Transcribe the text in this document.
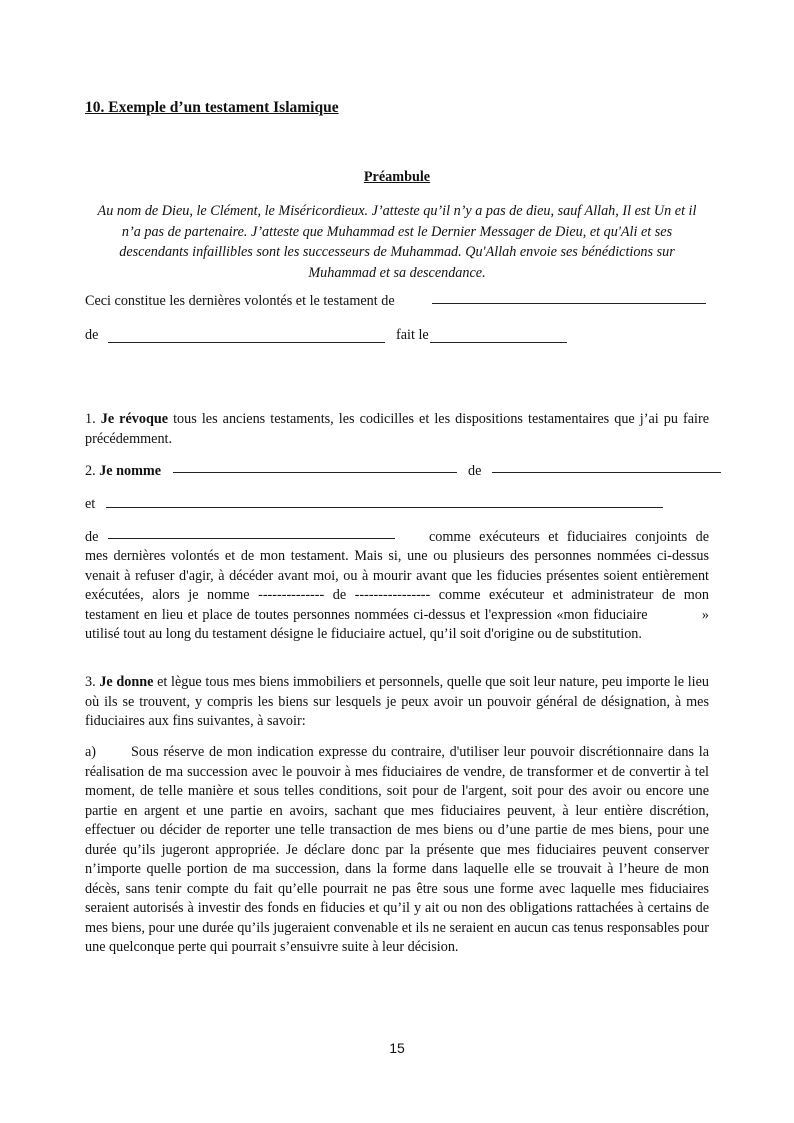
10. Exemple d’un testament Islamique
Préambule
Au nom de Dieu, le Clément, le Miséricordieux. J’atteste qu’il n’y a pas de dieu, sauf Allah, Il est Un et il
n’a pas de partenaire. J’atteste que Muhammad est le Dernier Messager de Dieu, et qu'Ali et ses
descendants infaillibles sont les successeurs de Muhammad. Qu'Allah envoie ses bénédictions sur
Muhammad et sa descendance.
Ceci constitue les dernières volontés et le testament de
de	fait le
1. Je révoque tous les anciens testaments, les codicilles et les dispositions testamentaires que j’ai pu faire précédemment.
2. Je nomme	de
et
de	comme exécuteurs et fiduciaires conjoints de
mes dernières volontés et de mon testament. Mais si, une ou plusieurs des personnes nommées ci-dessus
venait à refuser d'agir, à décéder avant moi, ou à mourir avant que les fiducies présentes soient entièrement
exécutées, alors je nomme -------------- de ---------------- comme exécuteur et administrateur de mon
testament en lieu et place de toutes personnes nommées ci-dessus et l'expression «mon fiduciaire            »
utilisé tout au long du testament désigne le fiduciaire actuel, qu’il soit d'origine ou de substitution.
3. Je donne et lègue tous mes biens immobiliers et personnels, quelle que soit leur nature, peu importe le lieu où ils se trouvent, y compris les biens sur lesquels je peux avoir un pouvoir général de désignation, à mes fiduciaires aux fins suivantes, à savoir:
a) Sous réserve de mon indication expresse du contraire, d'utiliser leur pouvoir discrétionnaire dans la réalisation de ma succession avec le pouvoir à mes fiduciaires de vendre, de transformer et de convertir à tel moment, de telle manière et sous telles conditions, soit pour de l'argent, soit pour des avoir ou encore une partie en argent et une partie en avoirs, sachant que mes fiduciaires peuvent, à leur entière discrétion, effectuer ou décider de reporter une telle transaction de mes biens ou d’une partie de mes biens, pour une durée qu’ils jugeront appropriée. Je déclare donc par la présente que mes fiduciaires peuvent conserver n’importe quelle portion de ma succession, dans la forme dans laquelle elle se trouvait à l’heure de mon décès, sans tenir compte du fait qu’elle pourrait ne pas être sous une forme avec laquelle mes fiduciaires seraient autorisés à investir des fonds en fiducies et qu’il y ait ou non des obligations rattachées à certains de mes biens, pour une durée qu’ils jugeraient convenable et ils ne seraient en aucun cas tenus responsables pour une quelconque perte qui pourrait s’ensuivre suite à leur décision.
15
